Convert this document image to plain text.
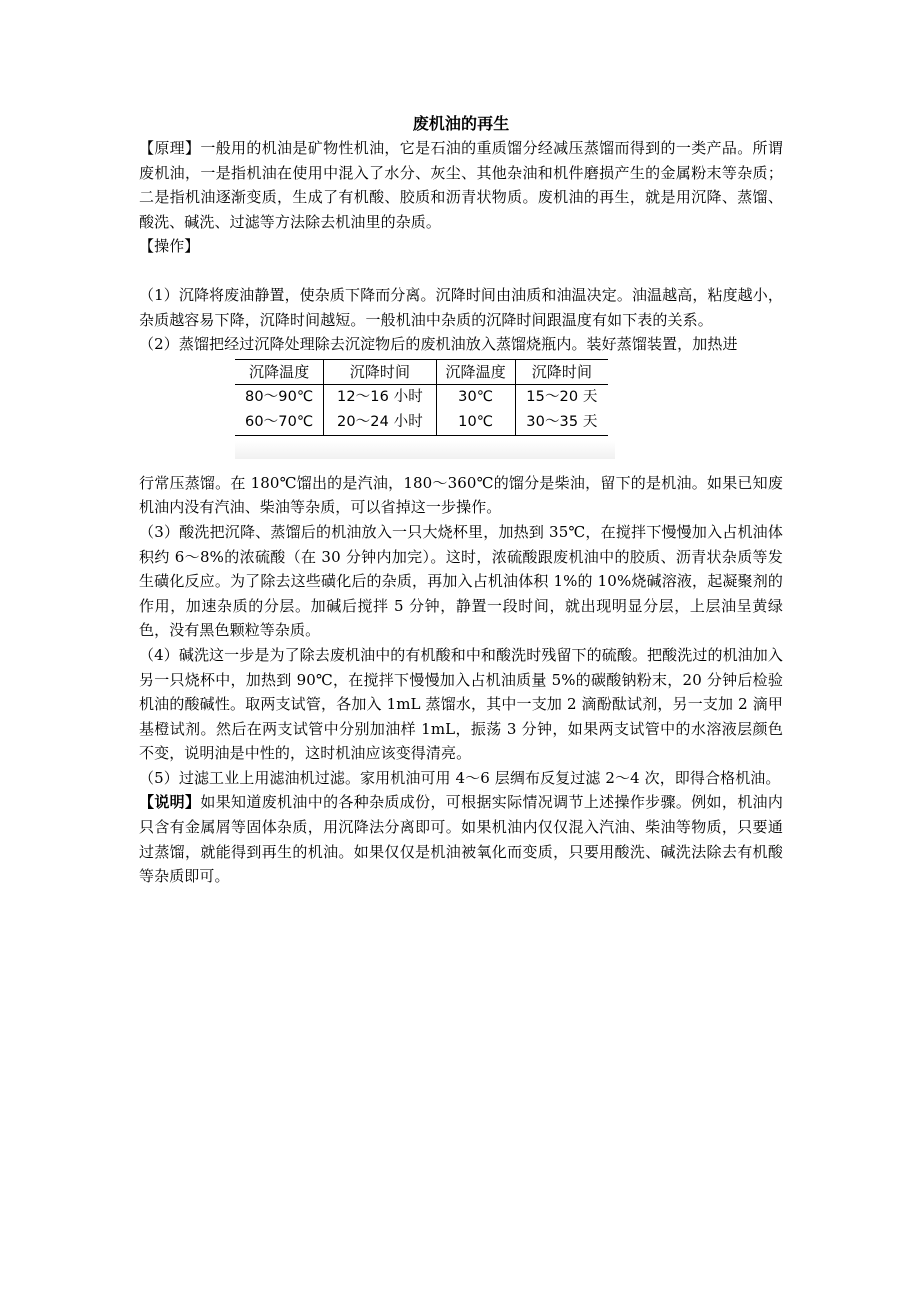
废机油的再生

【原理】一般用的机油是矿物性机油，它是石油的重质馏分经减压蒸馏而得到的一类产品。所谓废机油，一是指机油在使用中混入了水分、灰尘、其他杂油和机件磨损产生的金属粉末等杂质；二是指机油逐渐变质，生成了有机酸、胶质和沥青状物质。废机油的再生，就是用沉降、蒸馏、酸洗、碱洗、过滤等方法除去机油里的杂质。

【操作】

（1）沉降将废油静置，使杂质下降而分离。沉降时间由油质和油温决定。油温越高，粘度越小，杂质越容易下降，沉降时间越短。一般机油中杂质的沉降时间跟温度有如下表的关系。

（2）蒸馏把经过沉降处理除去沉淀物后的废机油放入蒸馏烧瓶内。装好蒸馏装置，加热进

沉降温度	沉降时间	沉降温度	沉降时间
80～90℃	12～16 小时	30℃	15～20 天
60～70℃	20～24 小时	10℃	30～35 天

行常压蒸馏。在 180℃馏出的是汽油，180～360℃的馏分是柴油，留下的是机油。如果已知废机油内没有汽油、柴油等杂质，可以省掉这一步操作。

（3）酸洗把沉降、蒸馏后的机油放入一只大烧杯里，加热到 35℃，在搅拌下慢慢加入占机油体积约 6～8%的浓硫酸（在 30 分钟内加完）。这时，浓硫酸跟废机油中的胶质、沥青状杂质等发生磺化反应。为了除去这些磺化后的杂质，再加入占机油体积 1%的 10%烧碱溶液，起凝聚剂的作用，加速杂质的分层。加碱后搅拌 5 分钟，静置一段时间，就出现明显分层，上层油呈黄绿色，没有黑色颗粒等杂质。

（4）碱洗这一步是为了除去废机油中的有机酸和中和酸洗时残留下的硫酸。把酸洗过的机油加入另一只烧杯中，加热到 90℃，在搅拌下慢慢加入占机油质量 5%的碳酸钠粉末，20 分钟后检验机油的酸碱性。取两支试管，各加入 1mL 蒸馏水，其中一支加 2 滴酚酞试剂，另一支加 2 滴甲基橙试剂。然后在两支试管中分别加油样 1mL，振荡 3 分钟，如果两支试管中的水溶液层颜色不变，说明油是中性的，这时机油应该变得清亮。

（5）过滤工业上用滤油机过滤。家用机油可用 4～6 层绸布反复过滤 2～4 次，即得合格机油。

【说明】如果知道废机油中的各种杂质成份，可根据实际情况调节上述操作步骤。例如，机油内只含有金属屑等固体杂质，用沉降法分离即可。如果机油内仅仅混入汽油、柴油等物质，只要通过蒸馏，就能得到再生的机油。如果仅仅是机油被氧化而变质，只要用酸洗、碱洗法除去有机酸等杂质即可。
